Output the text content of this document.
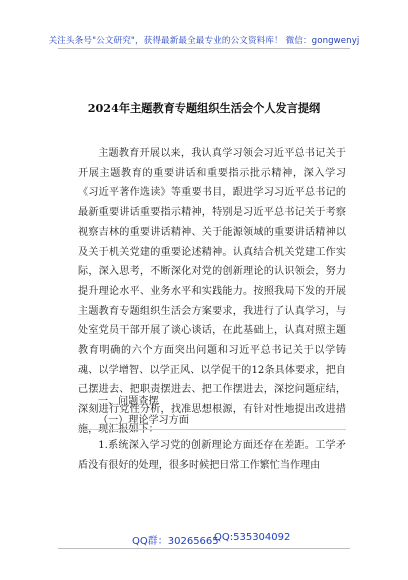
关注头条号"公文研究"，获得最新最全最专业的公文资料库！ 微信：gongwenyj
2024年主题教育专题组织生活会个人发言提纲

主题教育开展以来，我认真学习领会习近平总书记关于开展主题教育的重要讲话和重要指示批示精神，深入学习《习近平著作选读》等重要书目，跟进学习习近平总书记的最新重要讲话重要指示精神，特别是习近平总书记关于考察视察吉林的重要讲话精神、关于能源领域的重要讲话精神以及关于机关党建的重要论述精神。认真结合机关党建工作实际，深入思考，不断深化对党的创新理论的认识领会，努力提升理论水平、业务水平和实践能力。按照我局下发的开展主题教育专题组织生活会方案要求，我进行了认真学习，与处室党员干部开展了谈心谈话，在此基础上，认真对照主题教育明确的六个方面突出问题和习近平总书记关于以学铸魂、以学增智、以学正风、以学促干的12条具体要求，把自己摆进去、把职责摆进去、把工作摆进去，深挖问题症结，深刻进行党性分析，找准思想根源，有针对性地提出改进措施，现汇报如下：

一、问题查摆
（一）理论学习方面

1.系统深入学习党的创新理论方面还存在差距。工学矛盾没有很好的处理，很多时候把日常工作繁忙当作理由

QQ群：30265665
QQ:535304092
